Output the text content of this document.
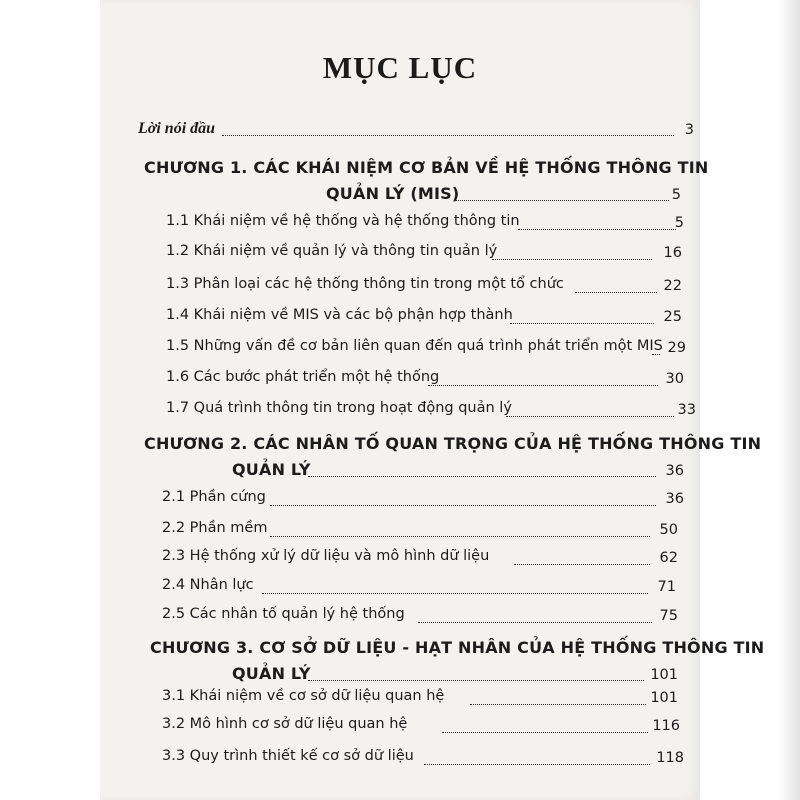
MỤC LỤC
Lời nói đầu	3
CHƯƠNG 1. CÁC KHÁI NIỆM CƠ BẢN VỀ HỆ THỐNG THÔNG TIN
QUẢN LÝ (MIS)	5
1.1 Khái niệm về hệ thống và hệ thống thông tin	5
1.2 Khái niệm về quản lý và thông tin quản lý	16
1.3 Phân loại các hệ thống thông tin trong một tổ chức	22
1.4 Khái niệm về MIS và các bộ phận hợp thành	25
1.5 Những vấn đề cơ bản liên quan đến quá trình phát triển một MIS 29
1.6 Các bước phát triển một hệ thống	30
1.7 Quá trình thông tin trong hoạt động quản lý	33
CHƯƠNG 2. CÁC NHÂN TỐ QUAN TRỌNG CỦA HỆ THỐNG THÔNG TIN
QUẢN LÝ	36
2.1 Phần cứng	36
2.2 Phần mềm	50
2.3 Hệ thống xử lý dữ liệu và mô hình dữ liệu	62
2.4 Nhân lực	71
2.5 Các nhân tố quản lý hệ thống	75
CHƯƠNG 3. CƠ SỞ DỮ LIỆU - HẠT NHÂN CỦA HỆ THỐNG THÔNG TIN
QUẢN LÝ	101
3.1 Khái niệm về cơ sở dữ liệu quan hệ	101
3.2 Mô hình cơ sở dữ liệu quan hệ	116
3.3 Quy trình thiết kế cơ sở dữ liệu	118
